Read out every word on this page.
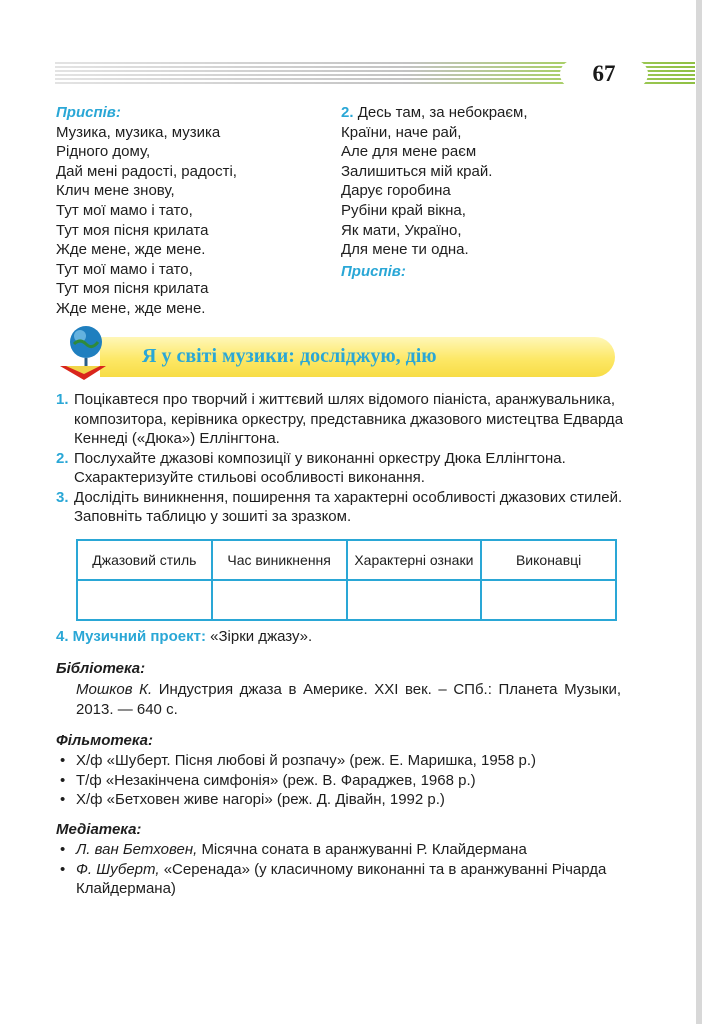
67
Приспів:
Музика, музика, музика
Рідного дому,
Дай мені радості, радості,
Клич мене знову,
Тут мої мамо і тато,
Тут моя пісня крилата
Жде мене, жде мене.
Тут мої мамо і тато,
Тут моя пісня крилата
Жде мене, жде мене.
2. Десь там, за небокраєм,
Країни, наче рай,
Але для мене раєм
Залишиться мій край.
Дарує горобина
Рубіни край вікна,
Як мати, Україно,
Для мене ти одна.
Приспів:
Я у світі музики: досліджую, дію
1. Поцікавтеся про творчий і життєвий шлях відомого піаніста, аранжувальника, композитора, керівника оркестру, представника джазового мистецтва Едварда Кеннеді («Дюка») Еллінгтона.
2. Послухайте джазові композиції у виконанні оркестру Дюка Еллінгтона. Схарактеризуйте стильові особливості виконання.
3. Дослідіть виникнення, поширення та характерні особливості джазових стилей. Заповніть таблицю у зошиті за зразком.
Джазовий стиль	Час виникнення	Характерні ознаки	Виконавці

4. Музичний проект: «Зірки джазу».
Бібліотека:
Мошков К. Индустрия джаза в Америке. XXI век. – СПб.: Планета Музыки, 2013. — 640 с.
Фільмотека:
• Х/ф «Шуберт. Пісня любові й розпачу» (реж. Е. Маришка, 1958 р.)
• Т/ф «Незакінчена симфонія» (реж. В. Фараджев, 1968 р.)
• Х/ф «Бетховен живе нагорі» (реж. Д. Дівайн, 1992 р.)
Медіатека:
• Л. ван Бетховен, Місячна соната в аранжуванні Р. Клайдермана
• Ф. Шуберт, «Серенада» (у класичному виконанні та в аранжуванні Річарда Клайдермана)
